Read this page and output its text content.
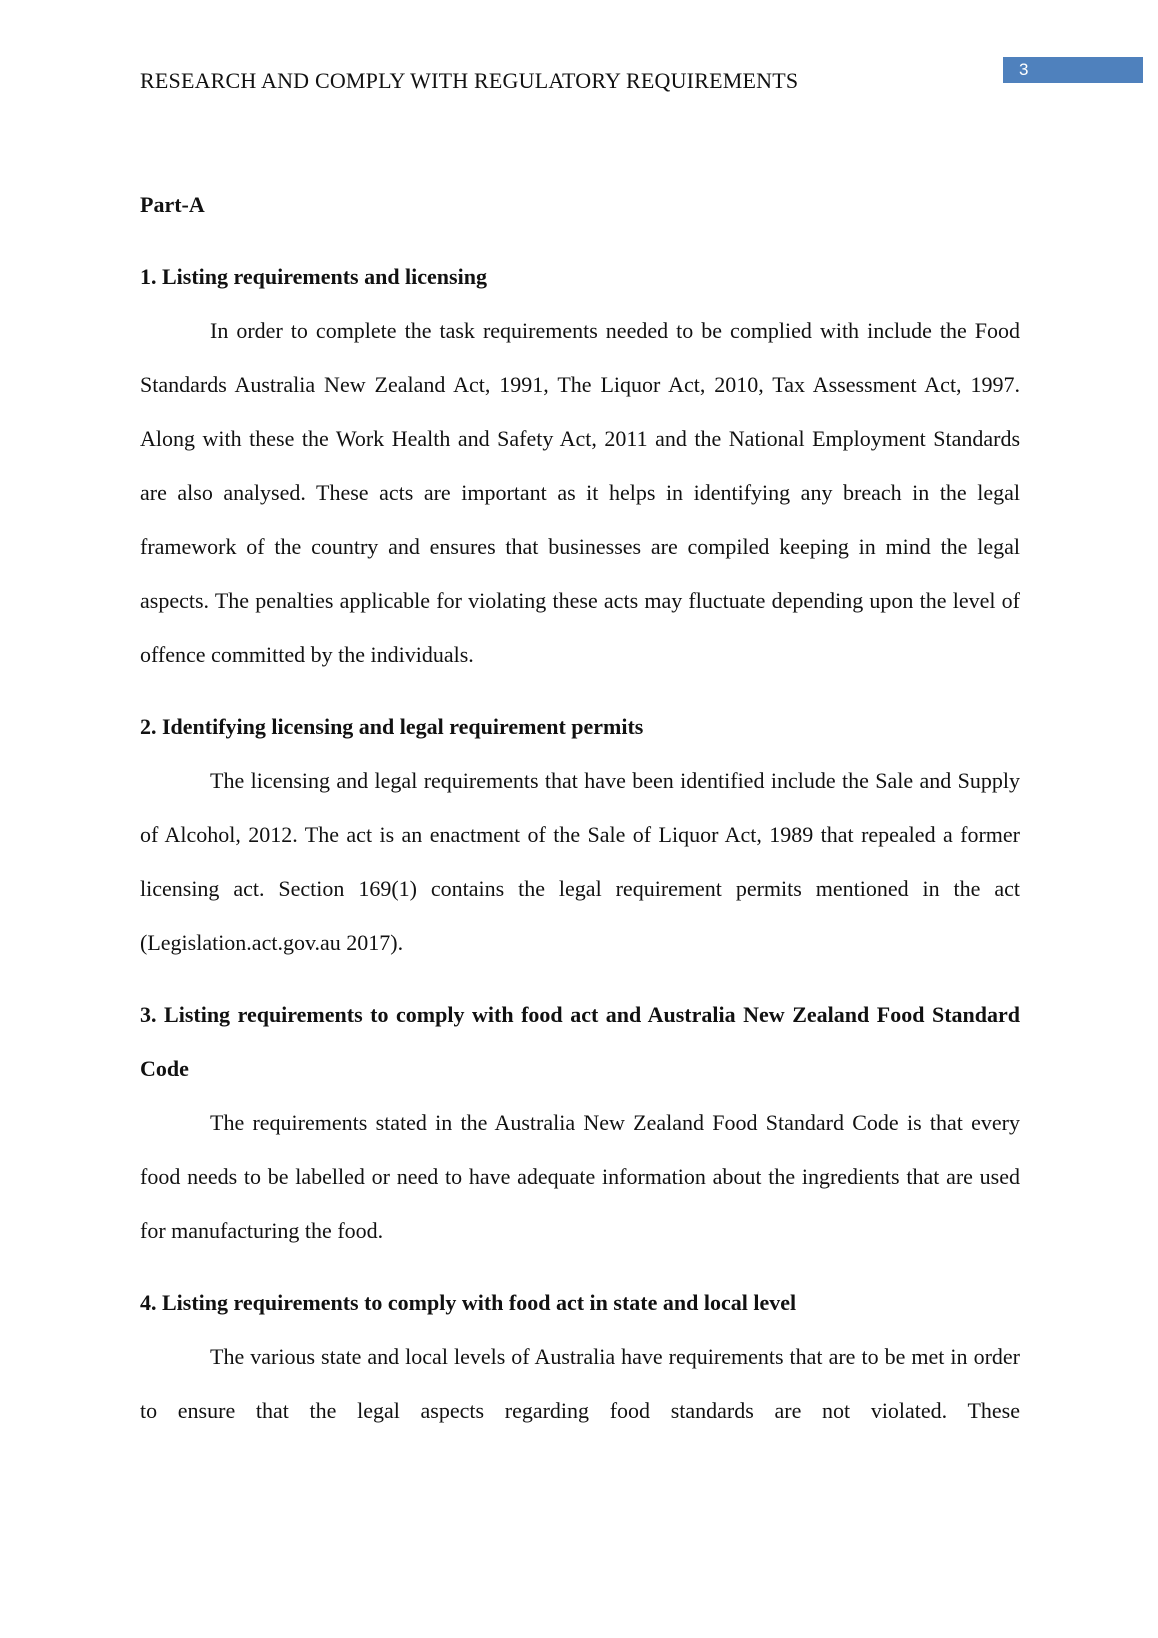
RESEARCH AND COMPLY WITH REGULATORY REQUIREMENTS	3
Part-A
1. Listing requirements and licensing

In order to complete the task requirements needed to be complied with include the Food Standards Australia New Zealand Act, 1991, The Liquor Act, 2010, Tax Assessment Act, 1997. Along with these the Work Health and Safety Act, 2011 and the National Employment Standards are also analysed. These acts are important as it helps in identifying any breach in the legal framework of the country and ensures that businesses are compiled keeping in mind the legal aspects. The penalties applicable for violating these acts may fluctuate depending upon the level of offence committed by the individuals.

2. Identifying licensing and legal requirement permits

The licensing and legal requirements that have been identified include the Sale and Supply of Alcohol, 2012. The act is an enactment of the Sale of Liquor Act, 1989 that repealed a former licensing act. Section 169(1) contains the legal requirement permits mentioned in the act (Legislation.act.gov.au 2017).

3. Listing requirements to comply with food act and Australia New Zealand Food Standard Code

The requirements stated in the Australia New Zealand Food Standard Code is that every food needs to be labelled or need to have adequate information about the ingredients that are used for manufacturing the food.

4. Listing requirements to comply with food act in state and local level

The various state and local levels of Australia have requirements that are to be met in order to ensure that the legal aspects regarding food standards are not violated. These
